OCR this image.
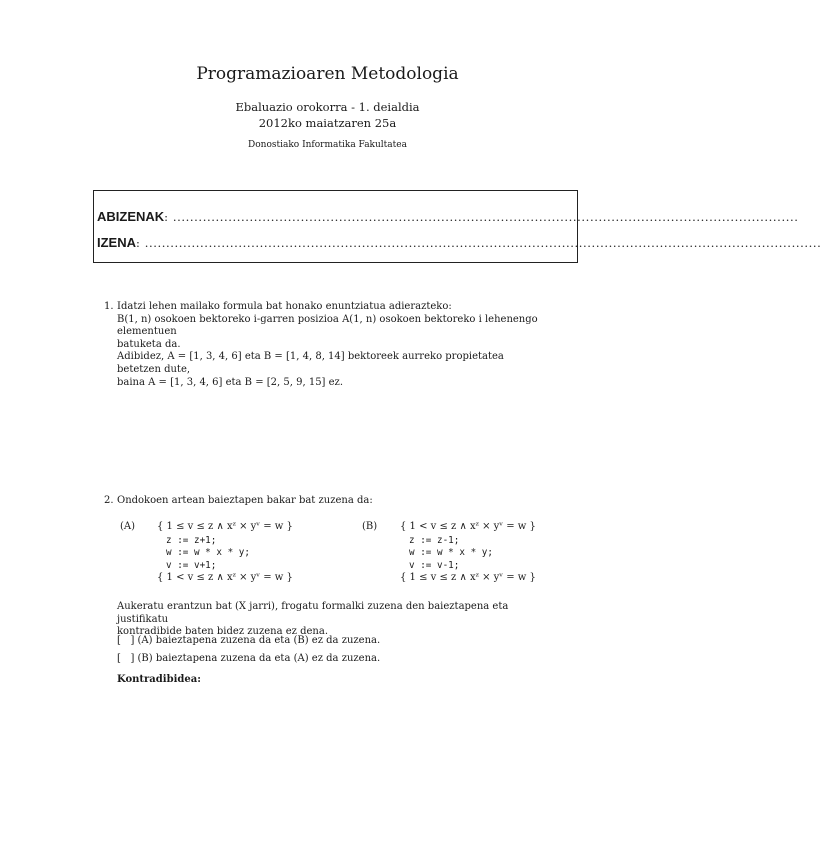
Programazioaren Metodologia
Ebaluazio orokorra - 1. deialdia
2012ko maiatzaren 25a
Donostiako Informatika Fakultatea
ABIZENAK: ...................................................................................................................................................
IZENA: ...............................................................................................................................................................
1. Idatzi lehen mailako formula bat honako enuntziatua adierazteko:
B(1, n) osokoen bektoreko i-garren posizioa A(1, n) osokoen bektoreko i lehenengo elementuen
batuketa da.
Adibidez, A = [1, 3, 4, 6] eta B = [1, 4, 8, 14] bektoreek aurreko propietatea betetzen dute,
baina A = [1, 3, 4, 6] eta B = [2, 5, 9, 15] ez.
2. Ondokoen artean baieztapen bakar bat zuzena da:
(A) { 1 ≤ v ≤ z ∧ xᶻ × yᵛ = w }
z := z+1;
w := w * x * y;
v := v+1;
{ 1 < v ≤ z ∧ xᶻ × yᵛ = w }
(B) { 1 < v ≤ z ∧ xᶻ × yᵛ = w }
z := z-1;
w := w * x * y;
v := v-1;
{ 1 ≤ v ≤ z ∧ xᶻ × yᵛ = w }
Aukeratu erantzun bat (X jarri), frogatu formalki zuzena den baieztapena eta justifikatu
kontradibide baten bidez zuzena ez dena.
[   ] (A) baieztapena zuzena da eta (B) ez da zuzena.
[   ] (B) baieztapena zuzena da eta (A) ez da zuzena.
Kontradibidea:
